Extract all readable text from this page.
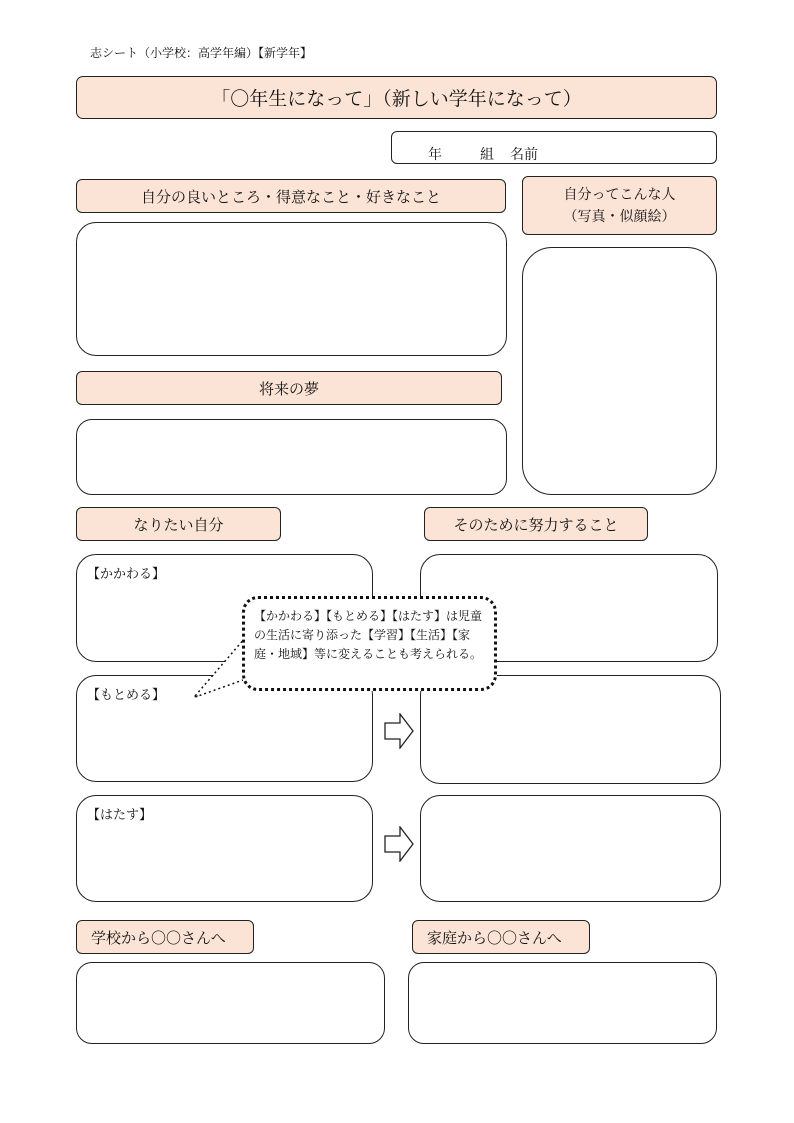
志シート（小学校：高学年編）【新学年】
「〇年生になって」（新しい学年になって）
年	組 名前
自分の良いところ・得意なこと・好きなこと	自分ってこんな人
（写真・似顔絵）
将来の夢
なりたい自分	そのために努力すること
【かかわる】
【もとめる】
【はたす】
【かかわる】【もとめる】【はたす】は児童の生活に寄り添った【学習】【生活】【家庭・地域】等に変えることも考えられる。
学校から〇〇さんへ	家庭から〇〇さんへ
